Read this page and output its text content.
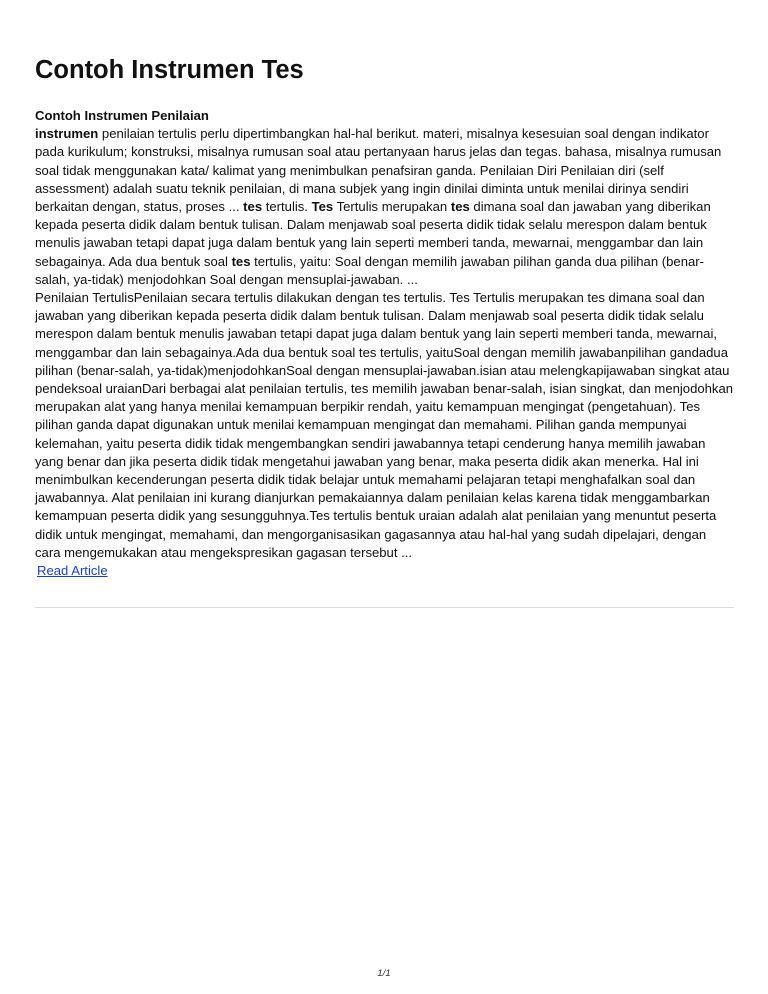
Contoh Instrumen Tes
Contoh Instrumen Penilaian
instrumen penilaian tertulis perlu dipertimbangkan hal-hal berikut. materi, misalnya kesesuian soal dengan indikator pada kurikulum; konstruksi, misalnya rumusan soal atau pertanyaan harus jelas dan tegas. bahasa, misalnya rumusan soal tidak menggunakan kata/ kalimat yang menimbulkan penafsiran ganda. Penilaian Diri Penilaian diri (self assessment) adalah suatu teknik penilaian, di mana subjek yang ingin dinilai diminta untuk menilai dirinya sendiri berkaitan dengan, status, proses ... tes tertulis. Tes Tertulis merupakan tes dimana soal dan jawaban yang diberikan kepada peserta didik dalam bentuk tulisan. Dalam menjawab soal peserta didik tidak selalu merespon dalam bentuk menulis jawaban tetapi dapat juga dalam bentuk yang lain seperti memberi tanda, mewarnai, menggambar dan lain sebagainya. Ada dua bentuk soal tes tertulis, yaitu: Soal dengan memilih jawaban pilihan ganda dua pilihan (benar-salah, ya-tidak) menjodohkan Soal dengan mensuplai-jawaban. ...
Penilaian TertulisPenilaian secara tertulis dilakukan dengan tes tertulis. Tes Tertulis merupakan tes dimana soal dan jawaban yang diberikan kepada peserta didik dalam bentuk tulisan. Dalam menjawab soal peserta didik tidak selalu merespon dalam bentuk menulis jawaban tetapi dapat juga dalam bentuk yang lain seperti memberi tanda, mewarnai, menggambar dan lain sebagainya.Ada dua bentuk soal tes tertulis, yaituSoal dengan memilih jawabanpilihan gandadua pilihan (benar-salah, ya-tidak)menjodohkanSoal dengan mensuplai-jawaban.isian atau melengkapijawaban singkat atau pendeksoal uraianDari berbagai alat penilaian tertulis, tes memilih jawaban benar-salah, isian singkat, dan menjodohkan merupakan alat yang hanya menilai kemampuan berpikir rendah, yaitu kemampuan mengingat (pengetahuan). Tes pilihan ganda dapat digunakan untuk menilai kemampuan mengingat dan memahami. Pilihan ganda mempunyai kelemahan, yaitu peserta didik tidak mengembangkan sendiri jawabannya tetapi cenderung hanya memilih jawaban yang benar dan jika peserta didik tidak mengetahui jawaban yang benar, maka peserta didik akan menerka. Hal ini menimbulkan kecenderungan peserta didik tidak belajar untuk memahami pelajaran tetapi menghafalkan soal dan jawabannya. Alat penilaian ini kurang dianjurkan pemakaiannya dalam penilaian kelas karena tidak menggambarkan kemampuan peserta didik yang sesungguhnya.Tes tertulis bentuk uraian adalah alat penilaian yang menuntut peserta didik untuk mengingat, memahami, dan mengorganisasikan gagasannya atau hal-hal yang sudah dipelajari, dengan cara mengemukakan atau mengekspresikan gagasan tersebut ...
Read Article
1/1
